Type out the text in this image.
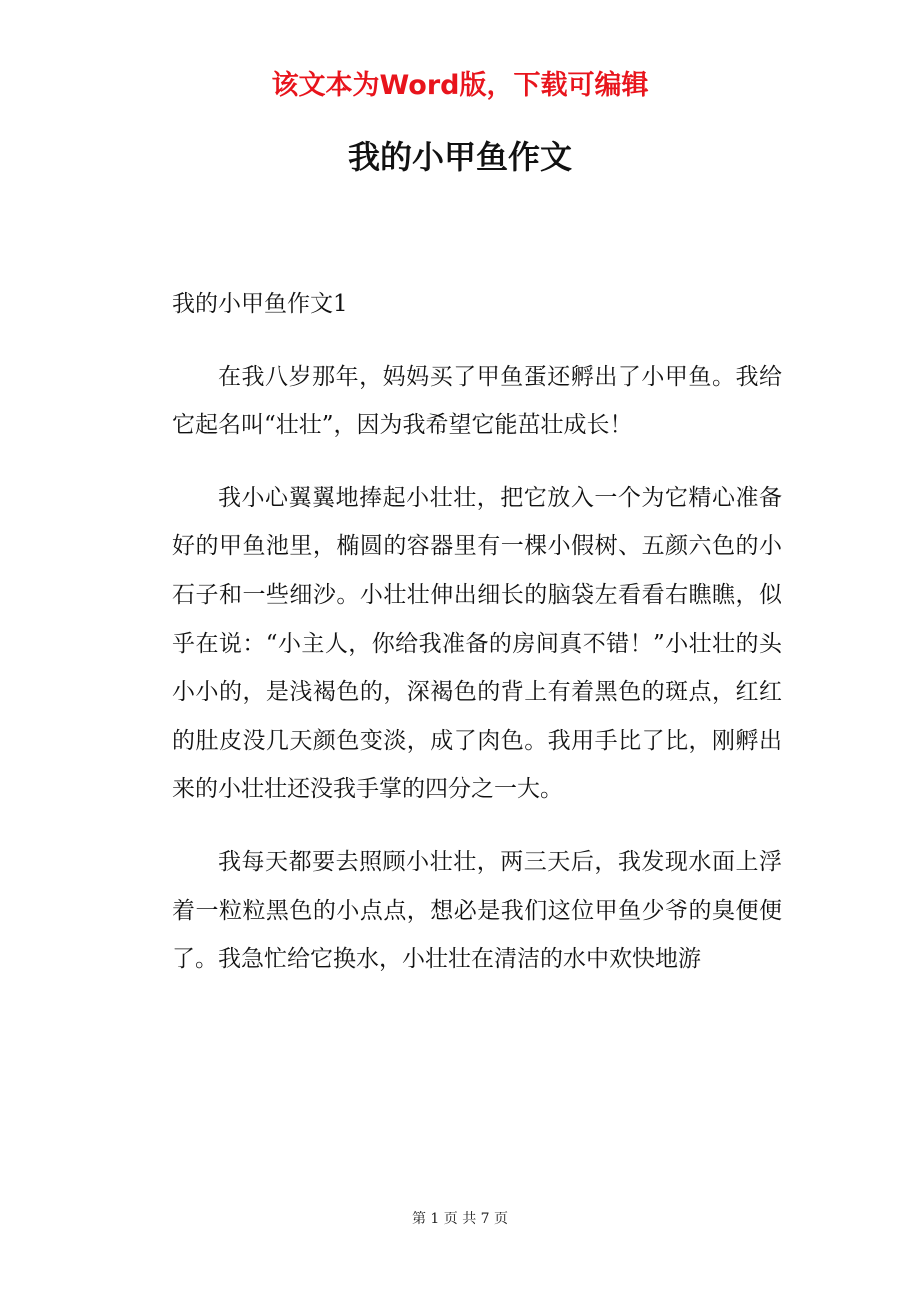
该文本为Word版，下载可编辑
我的小甲鱼作文

我的小甲鱼作文1

在我八岁那年，妈妈买了甲鱼蛋还孵出了小甲鱼。我给它起名叫“壮壮”，因为我希望它能茁壮成长！

我小心翼翼地捧起小壮壮，把它放入一个为它精心准备好的甲鱼池里，椭圆的容器里有一棵小假树、五颜六色的小石子和一些细沙。小壮壮伸出细长的脑袋左看看右瞧瞧，似乎在说：“小主人，你给我准备的房间真不错！”小壮壮的头小小的，是浅褐色的，深褐色的背上有着黑色的斑点，红红的肚皮没几天颜色变淡，成了肉色。我用手比了比，刚孵出来的小壮壮还没我手掌的四分之一大。

我每天都要去照顾小壮壮，两三天后，我发现水面上浮着一粒粒黑色的小点点，想必是我们这位甲鱼少爷的臭便便了。我急忙给它换水，小壮壮在清洁的水中欢快地游

第 1 页 共 7 页
